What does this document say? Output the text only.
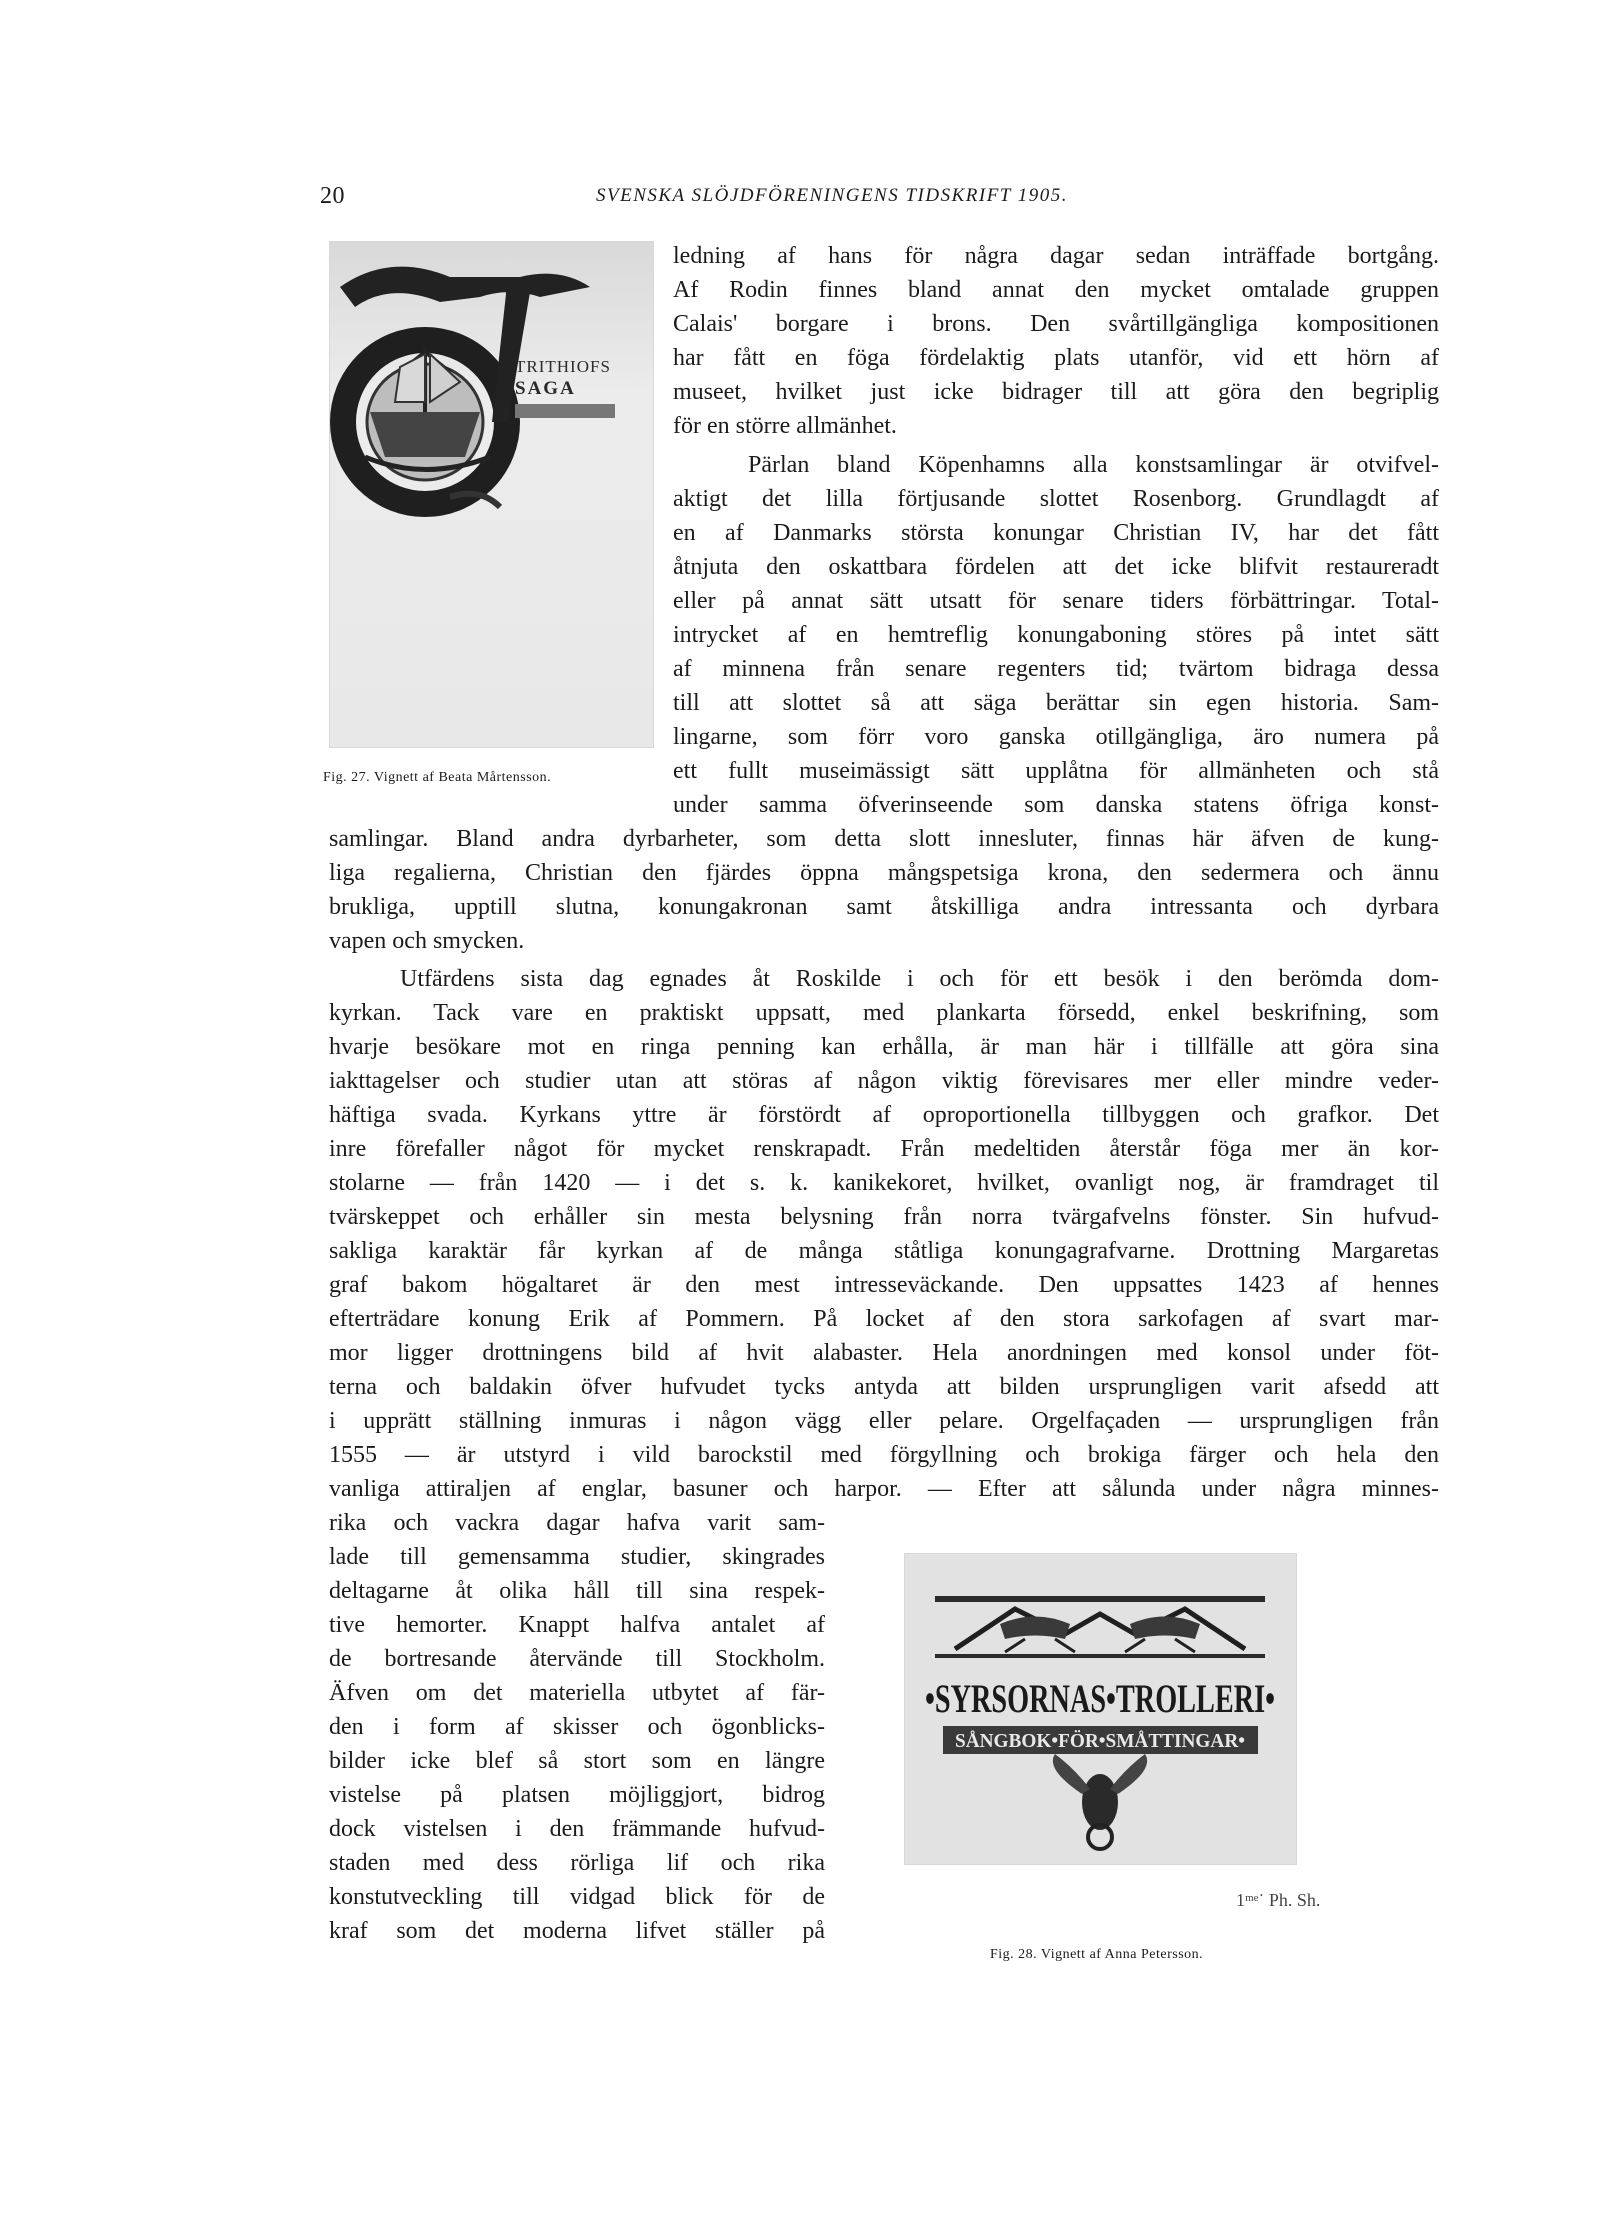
20	SVENSKA SLÖJDFÖRENINGENS TIDSKRIFT 1905.
TRITHIOFS
SAGA
Fig. 27. Vignett af Beata Mårtensson.
ledning af hans för några dagar sedan inträffade bortgång.
Af Rodin finnes bland annat den mycket omtalade gruppen
Calais' borgare i brons. Den svårtillgängliga kompositionen
har fått en föga fördelaktig plats utanför, vid ett hörn af
museet, hvilket just icke bidrager till att göra den begriplig
för en större allmänhet.
Pärlan bland Köpenhamns alla konstsamlingar är otvifvel-
aktigt det lilla förtjusande slottet Rosenborg. Grundlagdt af
en af Danmarks största konungar Christian IV, har det fått
åtnjuta den oskattbara fördelen att det icke blifvit restaureradt
eller på annat sätt utsatt för senare tiders förbättringar. Total-
intrycket af en hemtreflig konungaboning störes på intet sätt
af minnena från senare regenters tid; tvärtom bidraga dessa
till att slottet så att säga berättar sin egen historia. Sam-
lingarne, som förr voro ganska otillgängliga, äro numera på
ett fullt museimässigt sätt upplåtna för allmänheten och stå
under samma öfverinseende som danska statens öfriga konst-
samlingar. Bland andra dyrbarheter, som detta slott innesluter, finnas här äfven de kung-
liga regalierna, Christian den fjärdes öppna mångspetsiga krona, den sedermera och ännu
brukliga, upptill slutna, konungakronan samt åtskilliga andra intressanta och dyrbara
vapen och smycken.
Utfärdens sista dag egnades åt Roskilde i och för ett besök i den berömda dom-
kyrkan. Tack vare en praktiskt uppsatt, med plankarta försedd, enkel beskrifning, som
hvarje besökare mot en ringa penning kan erhålla, är man här i tillfälle att göra sina
iakttagelser och studier utan att störas af någon viktig förevisares mer eller mindre veder-
häftiga svada. Kyrkans yttre är förstördt af oproportionella tillbyggen och grafkor. Det
inre förefaller något för mycket renskrapadt. Från medeltiden återstår föga mer än kor-
stolarne — från 1420 — i det s. k. kanikekoret, hvilket, ovanligt nog, är framdraget til
tvärskeppet och erhåller sin mesta belysning från norra tvärgafvelns fönster. Sin hufvud-
sakliga karaktär får kyrkan af de många ståtliga konungagrafvarne. Drottning Margaretas
graf bakom högaltaret är den mest intresseväckande. Den uppsattes 1423 af hennes
efterträdare konung Erik af Pommern. På locket af den stora sarkofagen af svart mar-
mor ligger drottningens bild af hvit alabaster. Hela anordningen med konsol under föt-
terna och baldakin öfver hufvudet tycks antyda att bilden ursprungligen varit afsedd att
i upprätt ställning inmuras i någon vägg eller pelare. Orgelfaçaden — ursprungligen från
1555 — är utstyrd i vild barockstil med förgyllning och brokiga färger och hela den
vanliga attiraljen af englar, basuner och harpor. — Efter att sålunda under några minnes-
rika och vackra dagar hafva varit sam-
lade till gemensamma studier, skingrades
deltagarne åt olika håll till sina respek-
tive hemorter. Knappt halfva antalet af
de bortresande återvände till Stockholm.
Äfven om det materiella utbytet af fär-
den i form af skisser och ögonblicks-
bilder icke blef så stort som en längre
vistelse på platsen möjliggjort, bidrog
dock vistelsen i den främmande hufvud-
staden med dess rörliga lif och rika
konstutveckling till vidgad blick för de
kraf som det moderna lifvet ställer på
•SYRSORNAS•TROLLERI•
SÅNGBOK•FÖR•SMÅTTINGAR•
1ᵐᵉ˙ Ph. Sh.
Fig. 28. Vignett af Anna Petersson.
